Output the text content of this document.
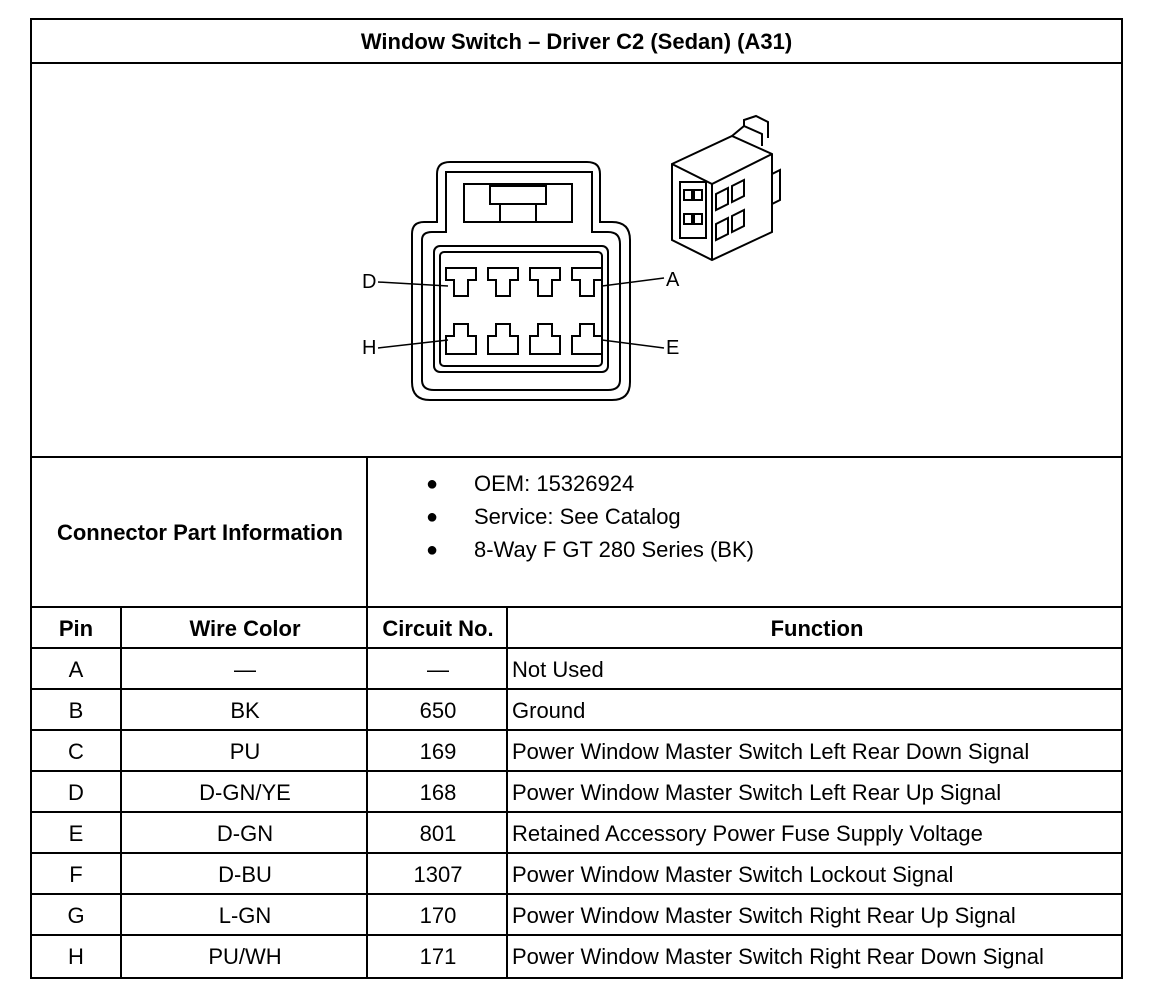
Window Switch – Driver C2 (Sedan) (A31)
D	A
H	E
Connector Part Information
● OEM: 15326924
● Service: See Catalog
● 8-Way F GT 280 Series (BK)
Pin	Wire Color	Circuit No.	Function
A	—	—	Not Used
B	BK	650	Ground
C	PU	169	Power Window Master Switch Left Rear Down Signal
D	D-GN/YE	168	Power Window Master Switch Left Rear Up Signal
E	D-GN	801	Retained Accessory Power Fuse Supply Voltage
F	D-BU	1307	Power Window Master Switch Lockout Signal
G	L-GN	170	Power Window Master Switch Right Rear Up Signal
H	PU/WH	171	Power Window Master Switch Right Rear Down Signal
